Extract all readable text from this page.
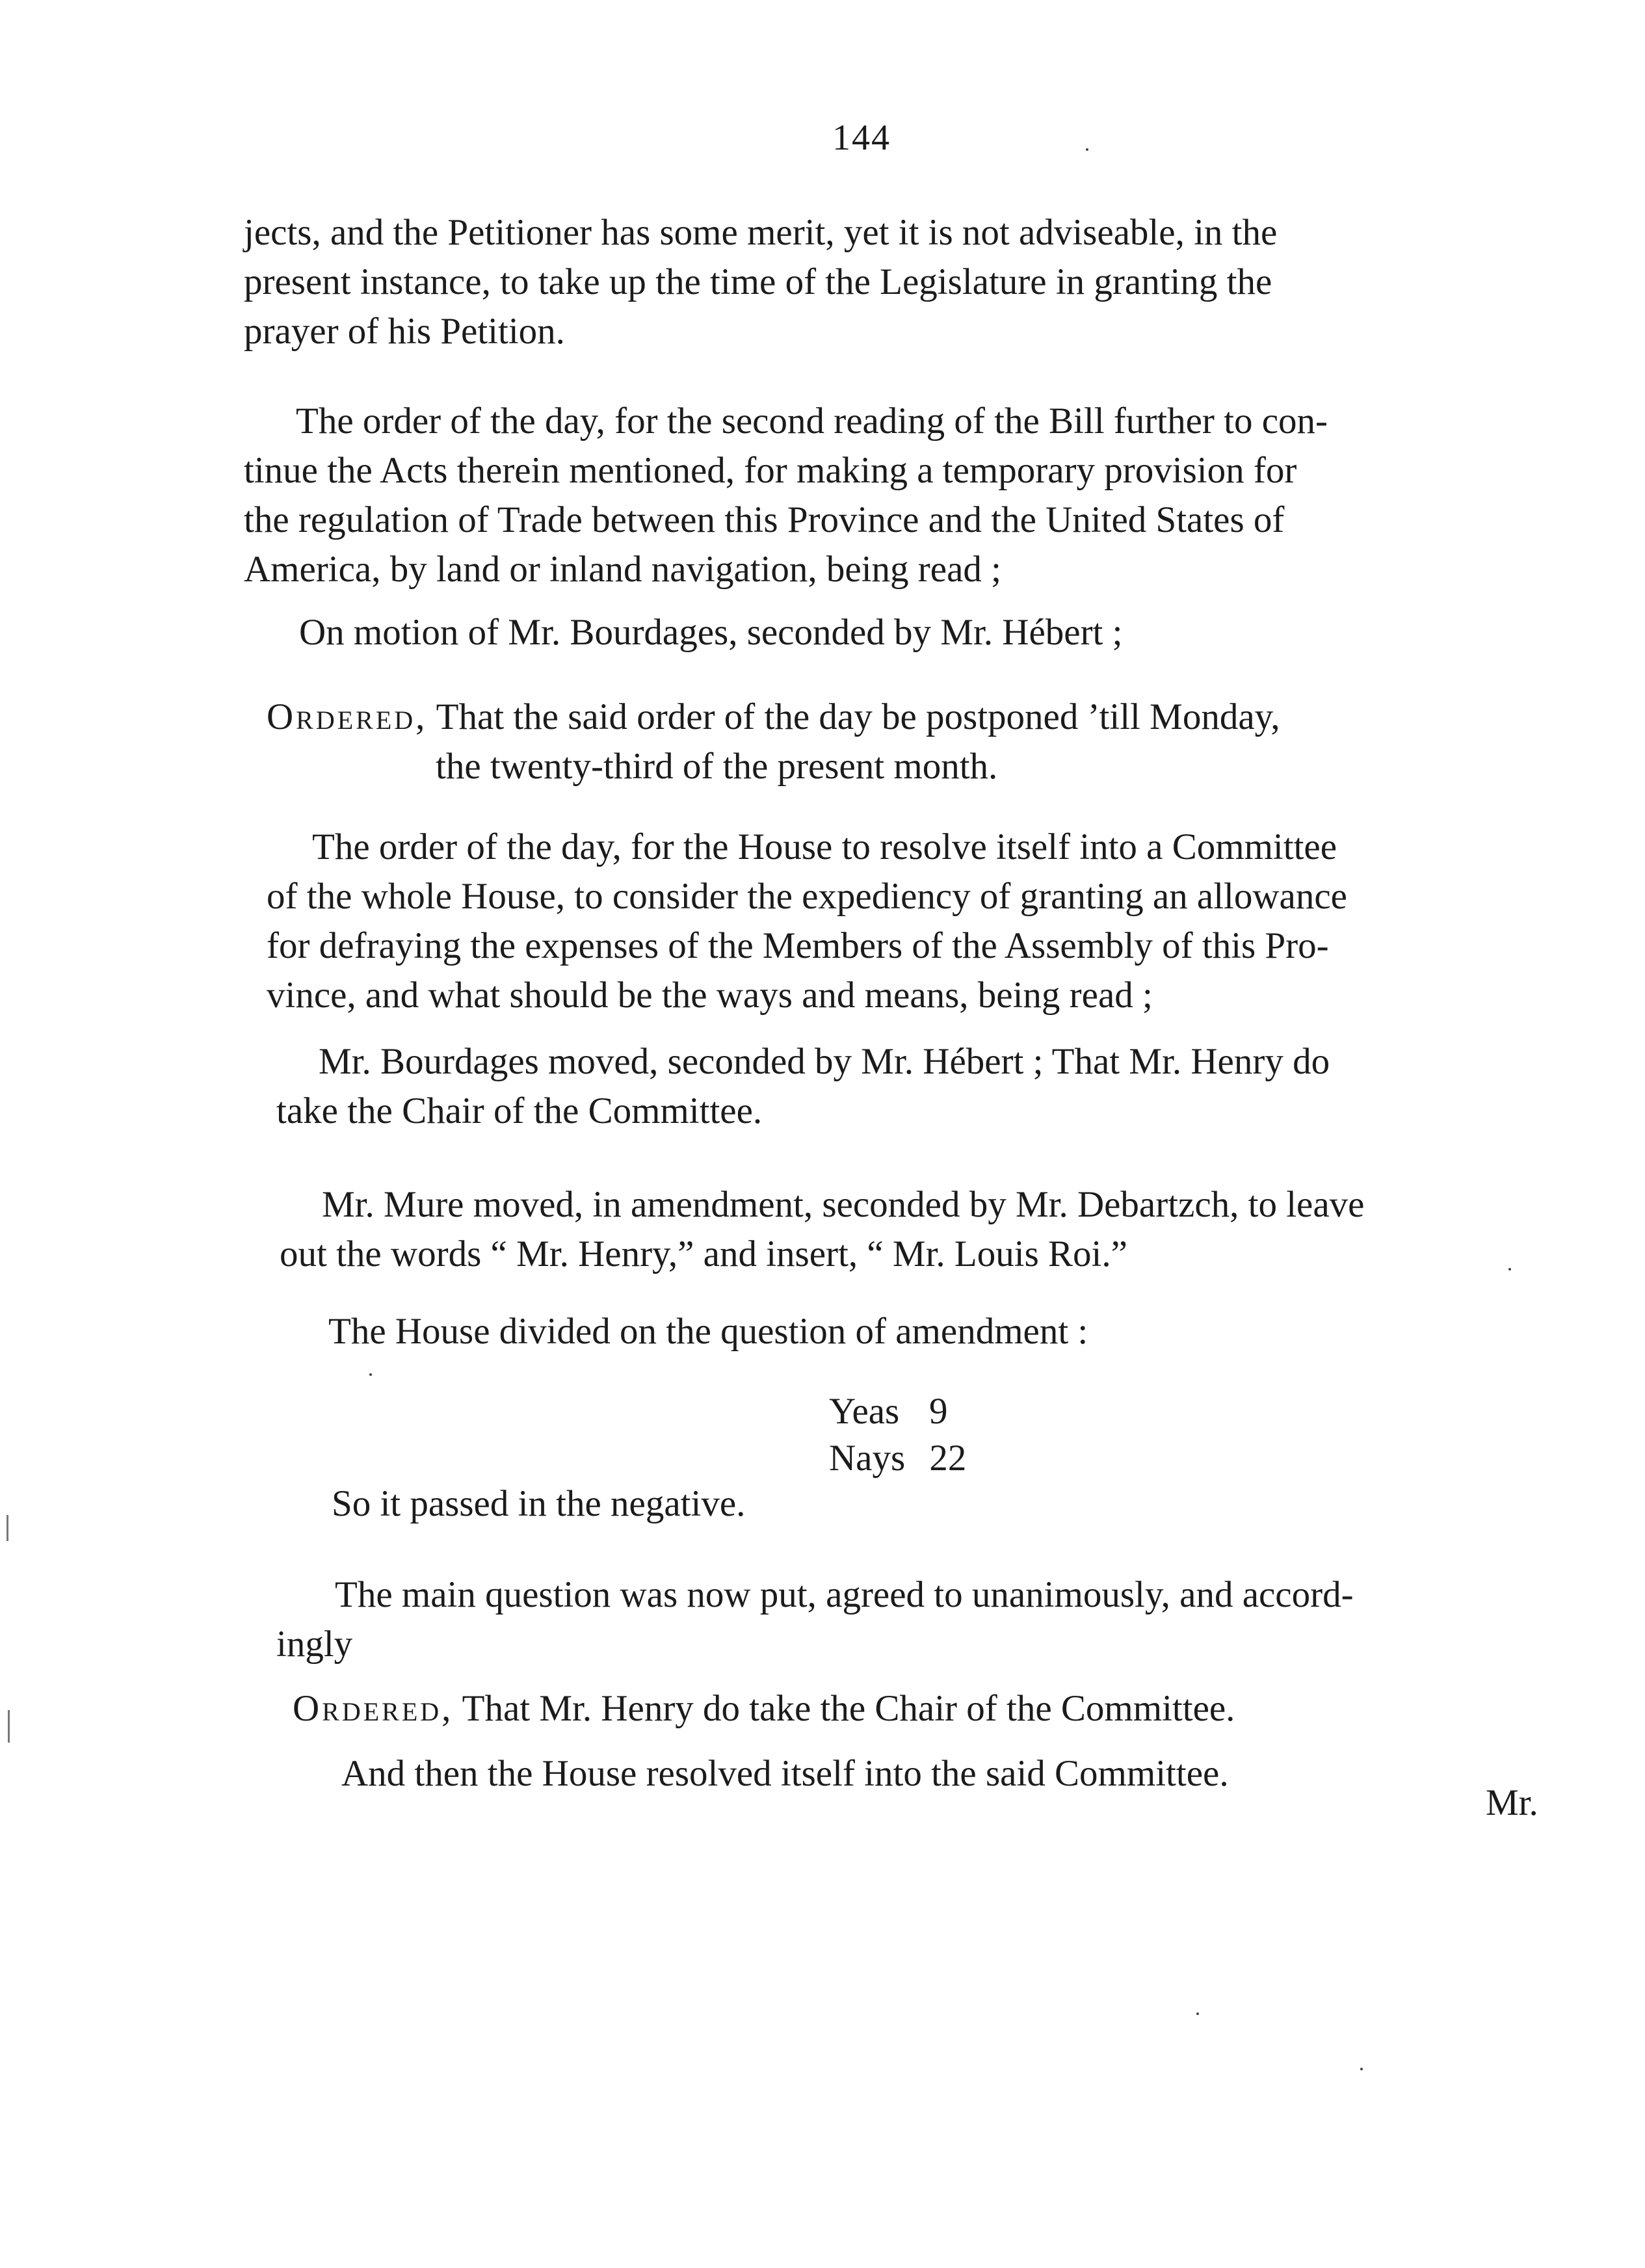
144
jects, and the Petitioner has some merit, yet it is not adviseable, in the
present instance, to take up the time of the Legislature in granting the
prayer of his Petition.
The order of the day, for the second reading of the Bill further to con-
tinue the Acts therein mentioned, for making a temporary provision for
the regulation of Trade between this Province and the United States of
America, by land or inland navigation, being read ;
On motion of Mr. Bourdages, seconded by Mr. Hébert ;
Ordered, That the said order of the day be postponed ’till Monday,
the twenty-third of the present month.
The order of the day, for the House to resolve itself into a Committee
of the whole House, to consider the expediency of granting an allowance
for defraying the expenses of the Members of the Assembly of this Pro-
vince, and what should be the ways and means, being read ;
Mr. Bourdages moved, seconded by Mr. Hébert ; That Mr. Henry do
take the Chair of the Committee.
Mr. Mure moved, in amendment, seconded by Mr. Debartzch, to leave
out the words “ Mr. Henry,” and insert, “ Mr. Louis Roi.”
The House divided on the question of amendment :
Yeas 9
Nays 22
So it passed in the negative.
The main question was now put, agreed to unanimously, and accord-
ingly
Ordered, That Mr. Henry do take the Chair of the Committee.
And then the House resolved itself into the said Committee.
Mr.
